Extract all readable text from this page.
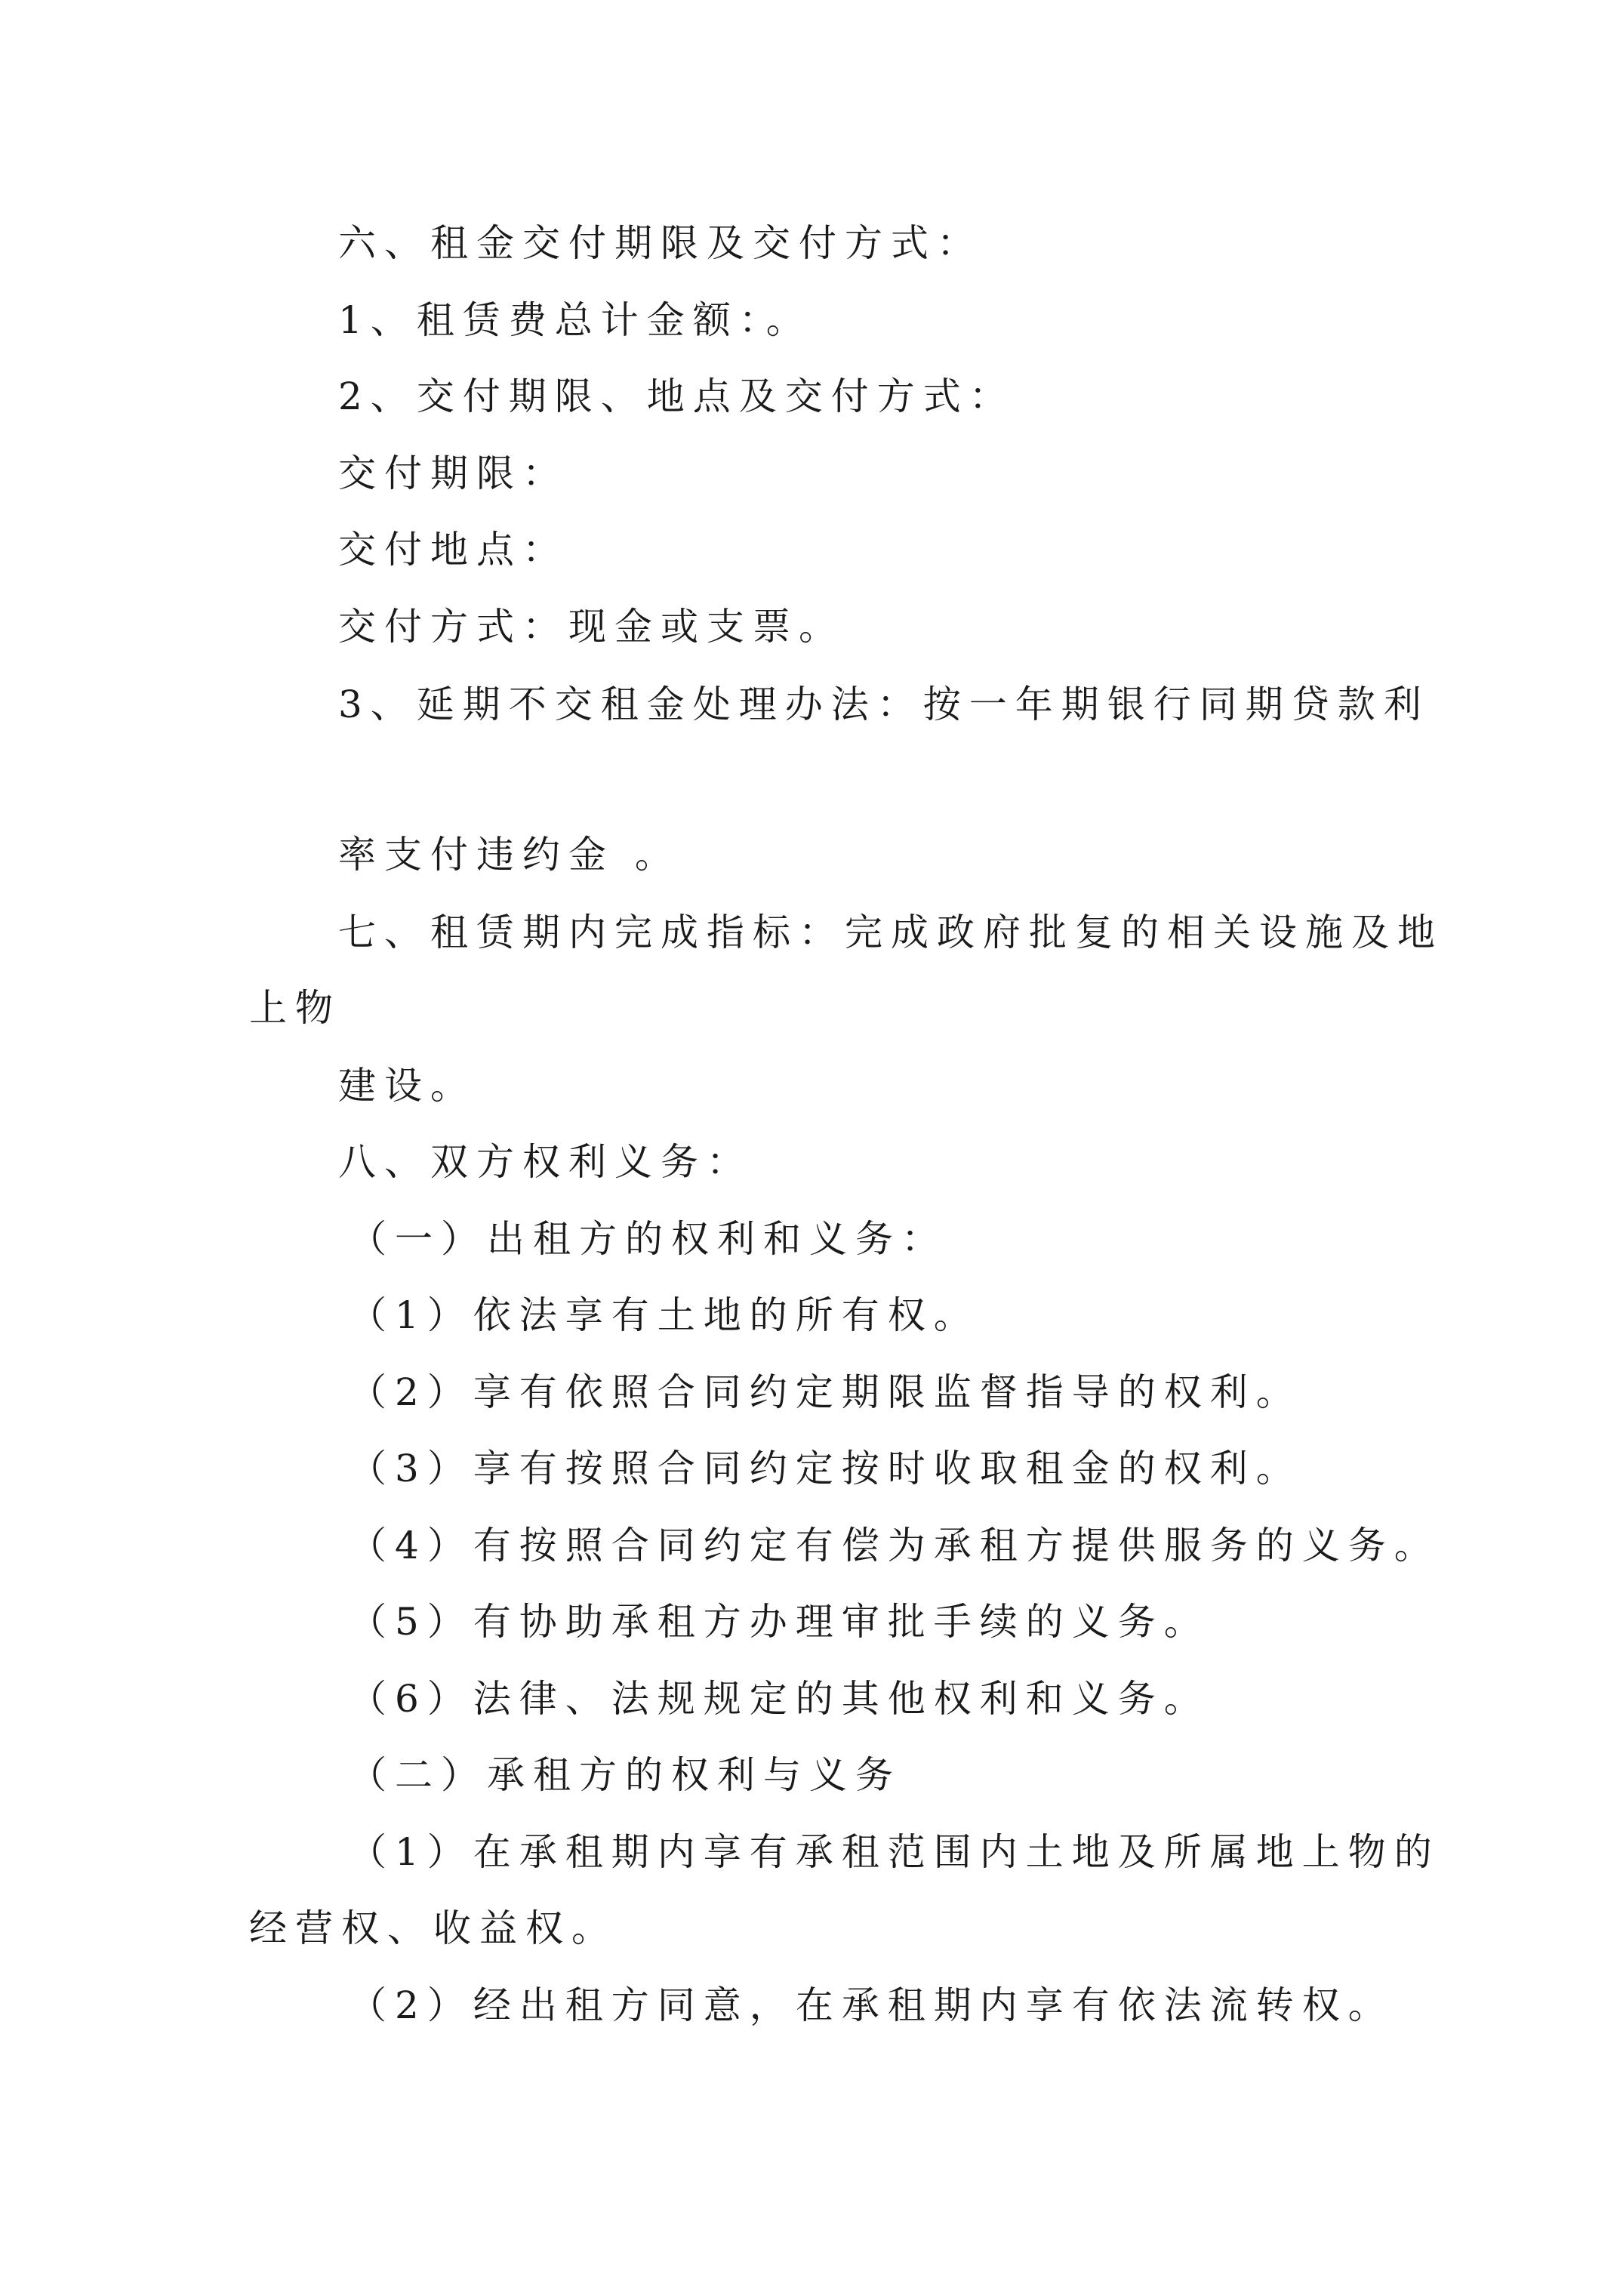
六、租金交付期限及交付方式：
1、租赁费总计金额：。
2、交付期限、地点及交付方式：
交付期限：
交付地点：
交付方式：现金或支票。
3、延期不交租金处理办法：按一年期银行同期贷款利
率支付违约金 。
七、租赁期内完成指标：完成政府批复的相关设施及地
上物
建设。
八、双方权利义务：
（一）出租方的权利和义务：
（1）依法享有土地的所有权。
（2）享有依照合同约定期限监督指导的权利。
（3）享有按照合同约定按时收取租金的权利。
（4）有按照合同约定有偿为承租方提供服务的义务。
（5）有协助承租方办理审批手续的义务。
（6）法律、法规规定的其他权利和义务。
（二）承租方的权利与义务
（1）在承租期内享有承租范围内土地及所属地上物的
经营权、收益权。
（2）经出租方同意，在承租期内享有依法流转权。
